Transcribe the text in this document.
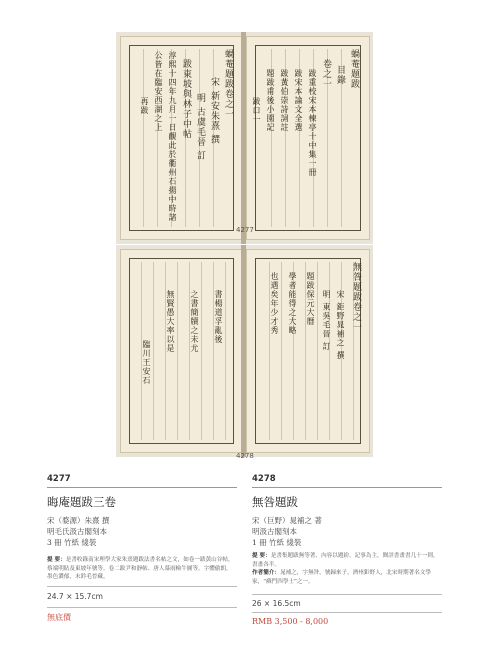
蝸菴題跋卷之一
宋 新安朱熹 撰
明 古虞毛晉 訂
跋東坡與林子中帖
淳熙十四年九月一日觀此於衢州石揚中時諸
公皆在臨安西湖之上
再跋
蝸菴題跋
目錄
卷之一
跋重校宋本楝亭十中集一冊
跋宋本論文全選
跋黃伯崇詩詞註
題跋甫後小園記
跋口一
4277
書楊道孚亂後
之書簡牘之未尤
無賢愚大率以是
臨川王安石
無咎題跋卷之一
宋 鉅野晁補之 撰
明 東吳毛晉 訂
題跋保元大曆
學者能得之大略
也遇矣年少才秀
4278
4277
晦庵題跋三卷
宋（婺源）朱熹 撰
明毛氏汲古閣刻本
3 冊 竹紙 綫裝
提 要：是書收錄南宋理學大家朱熹題跋法書名帖之文，如卷一跋黃山谷帖，蔡端明貼及東坡年號等。卷二跋尹和靜帖、唐人幕雨檢牛圖等。字體偷朗，墨色濃郁，末鈐毛晉藏。
24.7 × 15.7cm
無底價
4278
無咎題跋
宋（巨野）晁補之 著
明汲古閣刻本
1 冊 竹紙 綫裝
提 要：是書集題跋無等著、內容以題紛、記事為主，閱評書畫書几十一則，書畫各半。
作者簡介：晁補之，字無咎，號歸來子，濟州鉅野人，北宋時期著名文學家，“蘇門四學士”之一。
26 × 16.5cm
RMB 3,500 - 8,000
